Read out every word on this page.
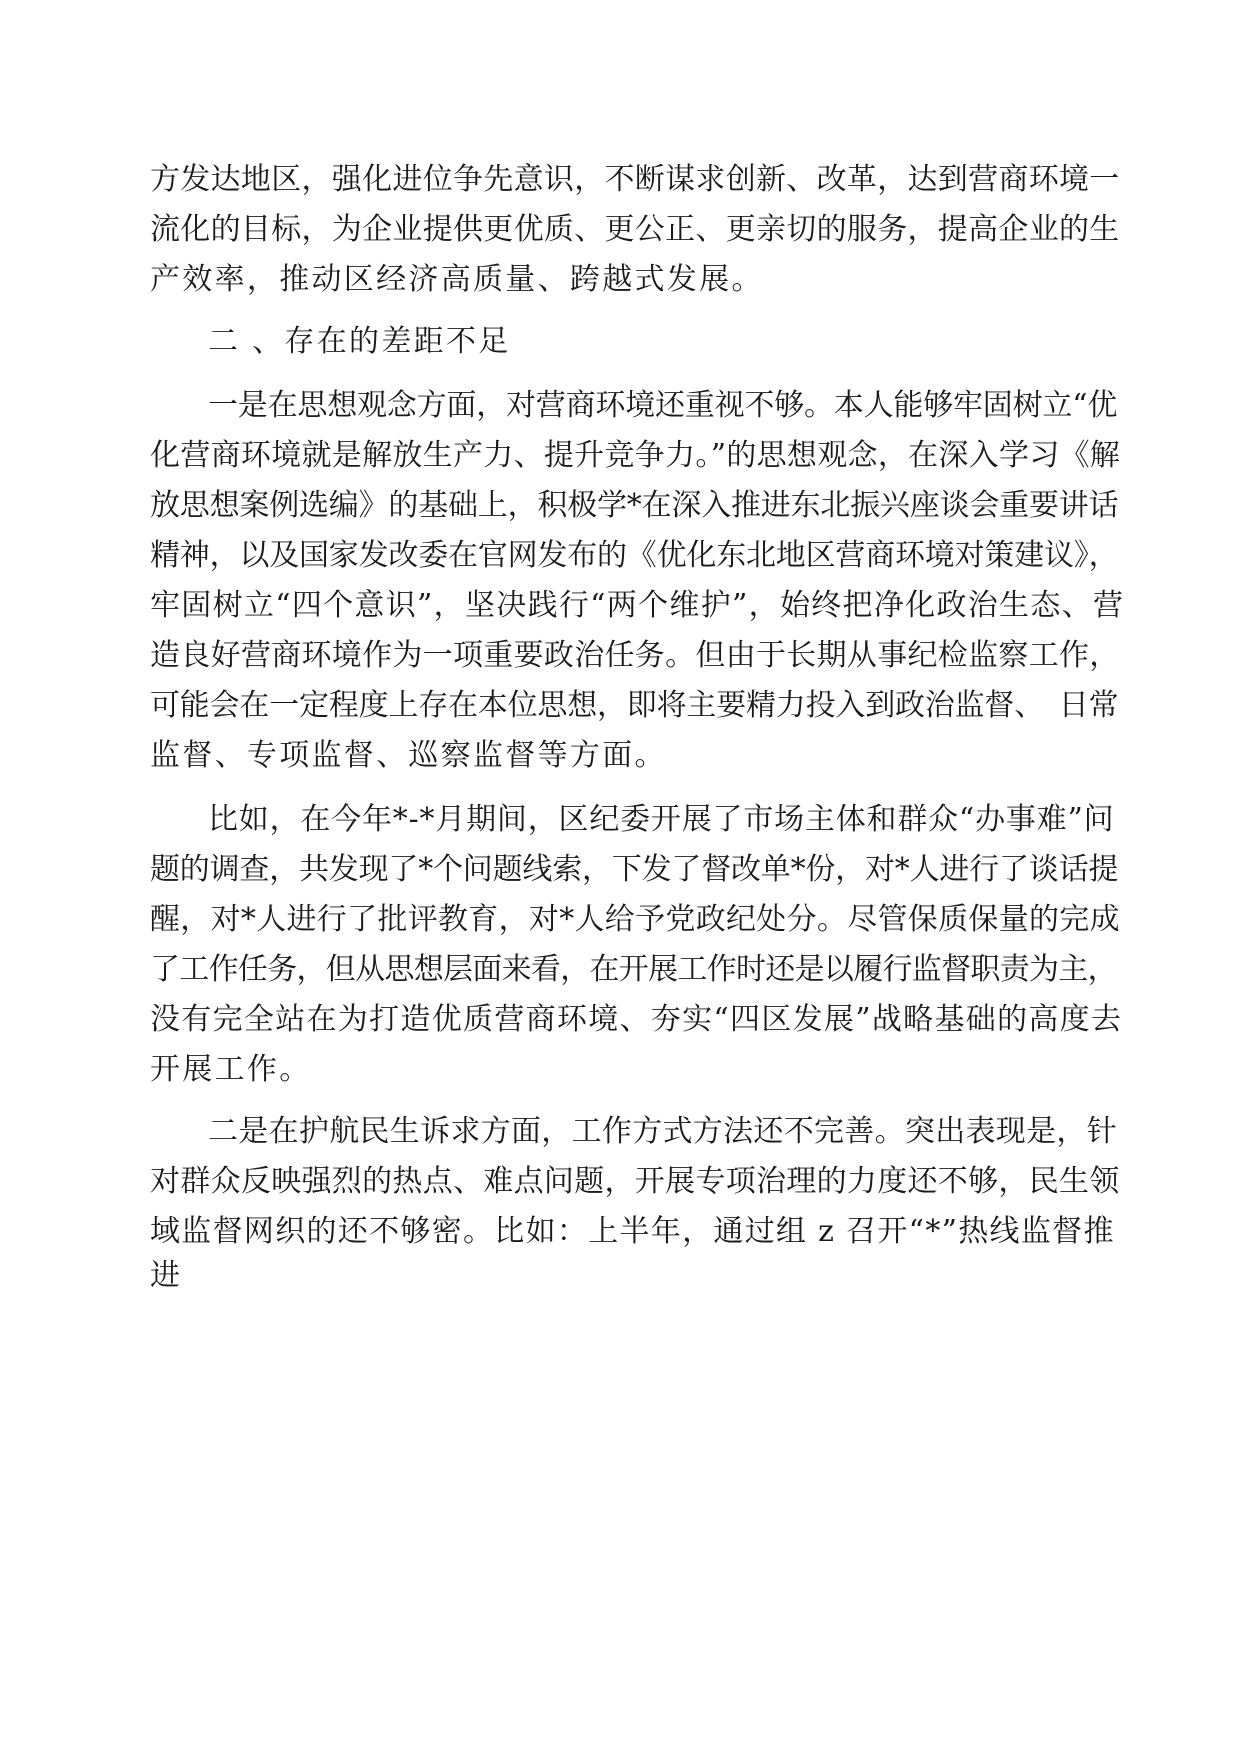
方发达地区，强化进位争先意识，不断谋求创新、改革，达到营商环境一
流化的目标，为企业提供更优质、更公正、更亲切的服务，提高企业的生
产效率，推动区经济高质量、跨越式发展。
二 、存在的差距不足
一是在思想观念方面，对营商环境还重视不够。本人能够牢固树立“优
化营商环境就是解放生产力、提升竞争力。”的思想观念，在深入学习《解
放思想案例选编》的基础上，积极学*在深入推进东北振兴座谈会重要讲话
精神，以及国家发改委在官网发布的《优化东北地区营商环境对策建议》，
牢固树立“四个意识”，坚决践行“两个维护”，始终把净化政治生态、营
造良好营商环境作为一项重要政治任务。但由于长期从事纪检监察工作，
可能会在一定程度上存在本位思想，即将主要精力投入到政治监督、　日常
监督、专项监督、巡察监督等方面。
比如，在今年*-*月期间，区纪委开展了市场主体和群众“办事难”问
题的调查，共发现了*个问题线索，下发了督改单*份，对*人进行了谈话提
醒，对*人进行了批评教育，对*人给予党政纪处分。尽管保质保量的完成
了工作任务，但从思想层面来看，在开展工作时还是以履行监督职责为主，
没有完全站在为打造优质营商环境、夯实“四区发展”战略基础的高度去
开展工作。
二是在护航民生诉求方面，工作方式方法还不完善。突出表现是，针
对群众反映强烈的热点、难点问题，开展专项治理的力度还不够，民生领
域监督网织的还不够密。比如：上半年，通过组 z 召开“*”热线监督推
进
